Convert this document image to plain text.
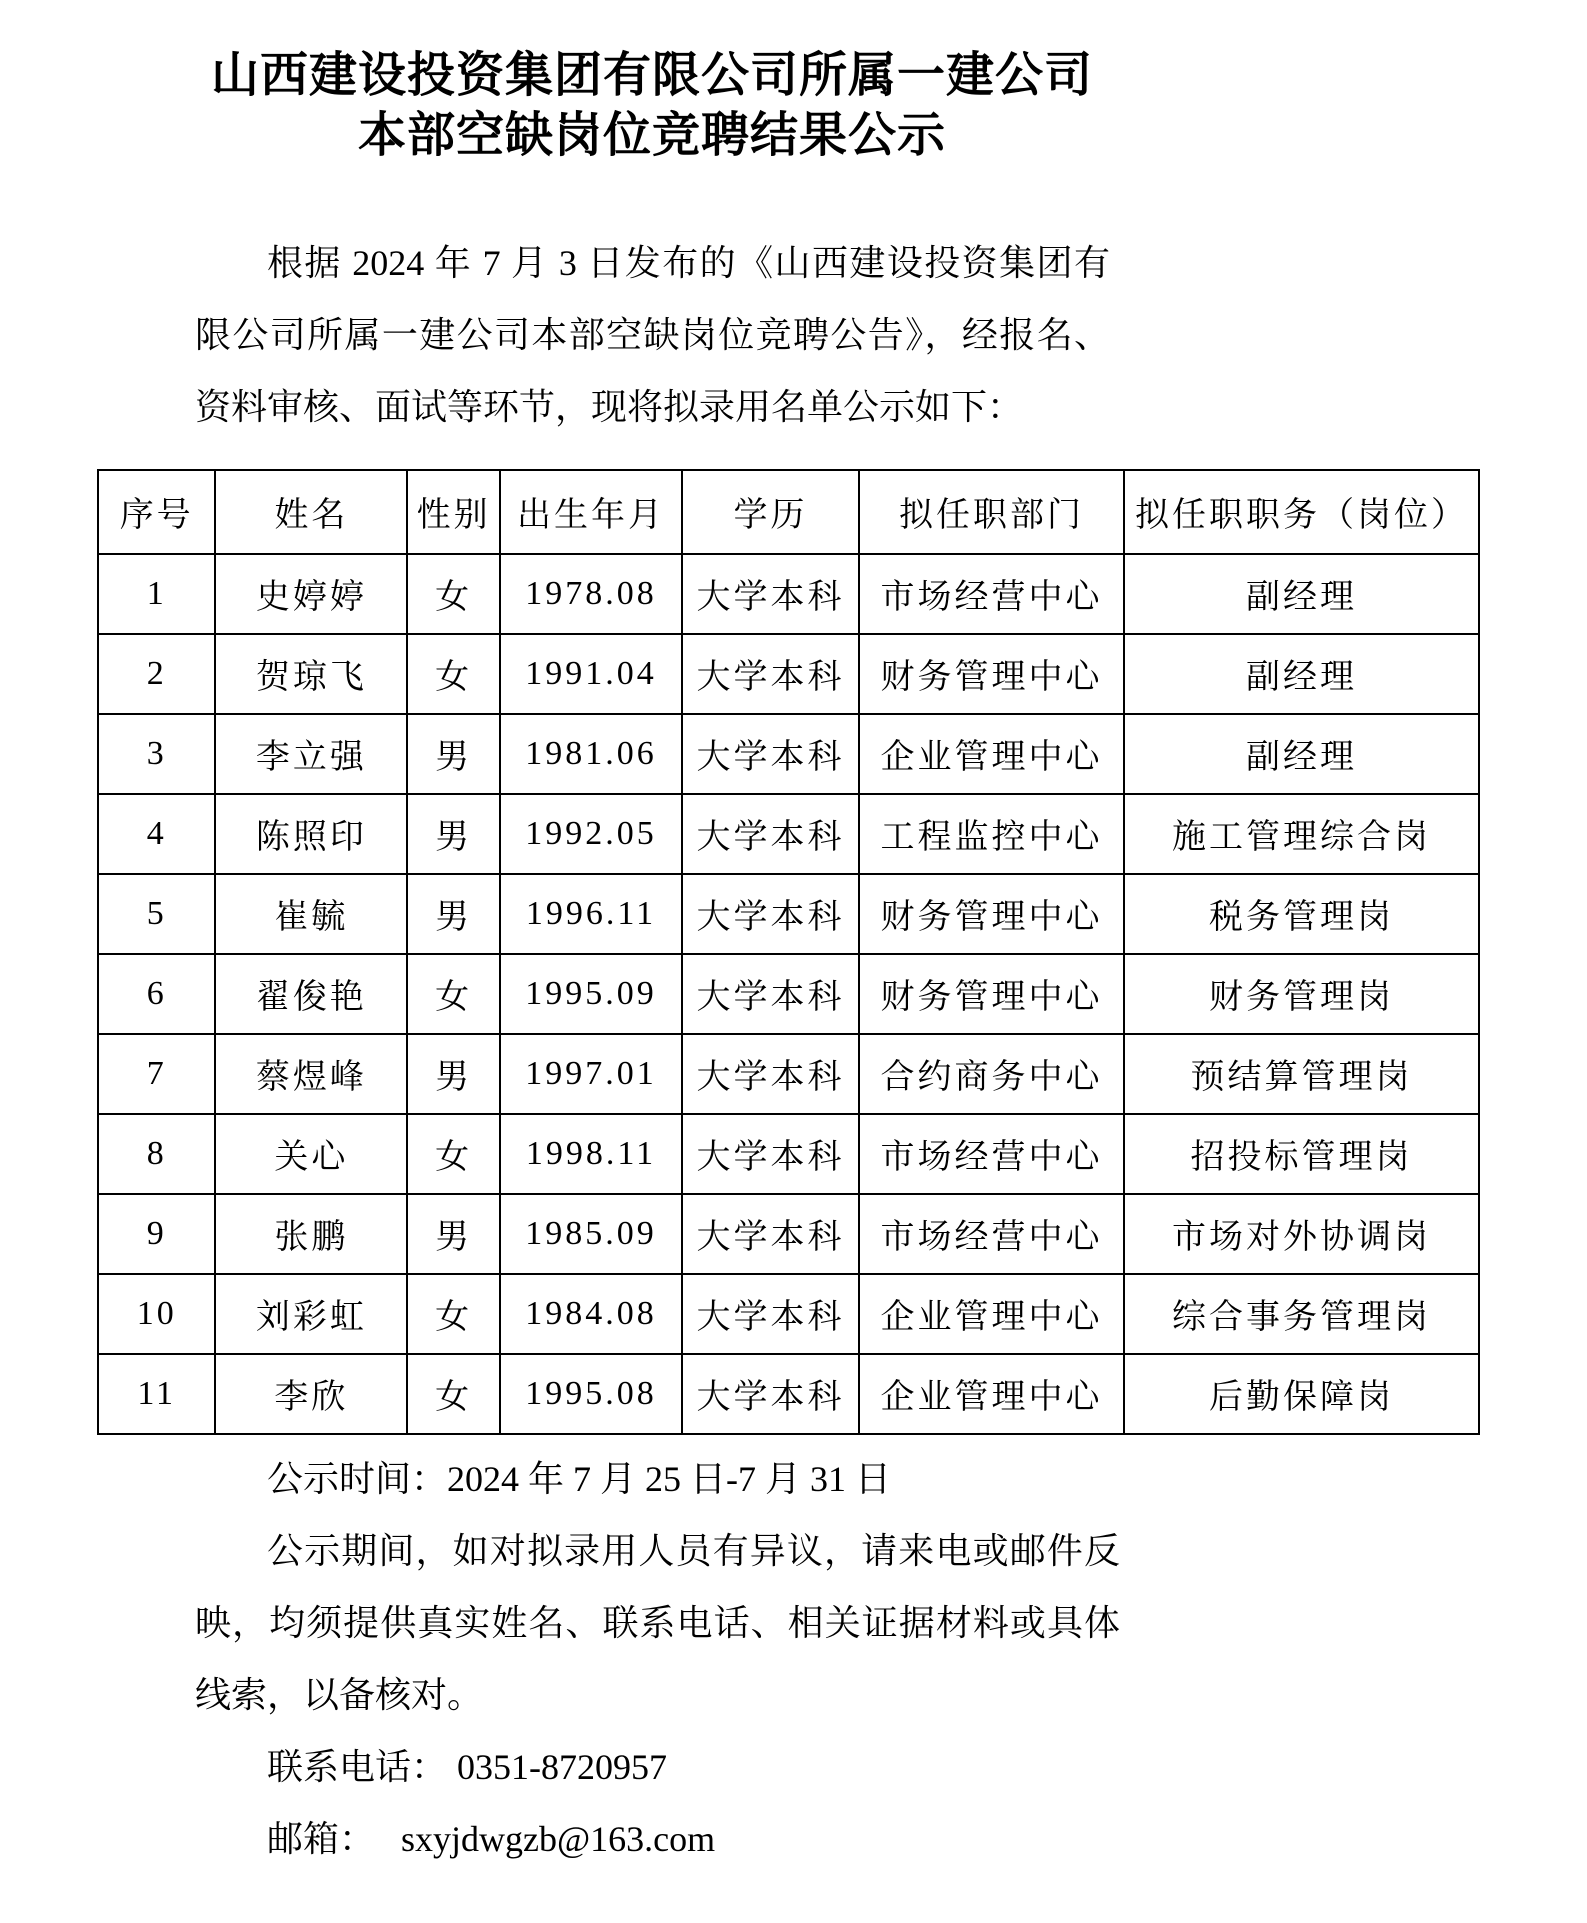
山西建设投资集团有限公司所属一建公司
本部空缺岗位竞聘结果公示
根据 2024 年 7 月 3 日发布的《山西建设投资集团有限公司所属一建公司本部空缺岗位竞聘公告》，经报名、资料审核、面试等环节，现将拟录用名单公示如下：
序号	姓名	性别	出生年月	学历	拟任职部门	拟任职职务（岗位）
1	史婷婷	女	1978.08	大学本科	市场经营中心	副经理
2	贺琼飞	女	1991.04	大学本科	财务管理中心	副经理
3	李立强	男	1981.06	大学本科	企业管理中心	副经理
4	陈照印	男	1992.05	大学本科	工程监控中心	施工管理综合岗
5	崔毓	男	1996.11	大学本科	财务管理中心	税务管理岗
6	翟俊艳	女	1995.09	大学本科	财务管理中心	财务管理岗
7	蔡煜峰	男	1997.01	大学本科	合约商务中心	预结算管理岗
8	关心	女	1998.11	大学本科	市场经营中心	招投标管理岗
9	张鹏	男	1985.09	大学本科	市场经营中心	市场对外协调岗
10	刘彩虹	女	1984.08	大学本科	企业管理中心	综合事务管理岗
11	李欣	女	1995.08	大学本科	企业管理中心	后勤保障岗

公示时间：2024 年 7 月 25 日-7 月 31 日

公示期间，如对拟录用人员有异议，请来电或邮件反映，均须提供真实姓名、联系电话、相关证据材料或具体线索，以备核对。

联系电话： 0351-8720957

邮箱： sxyjdwgzb@163.com
